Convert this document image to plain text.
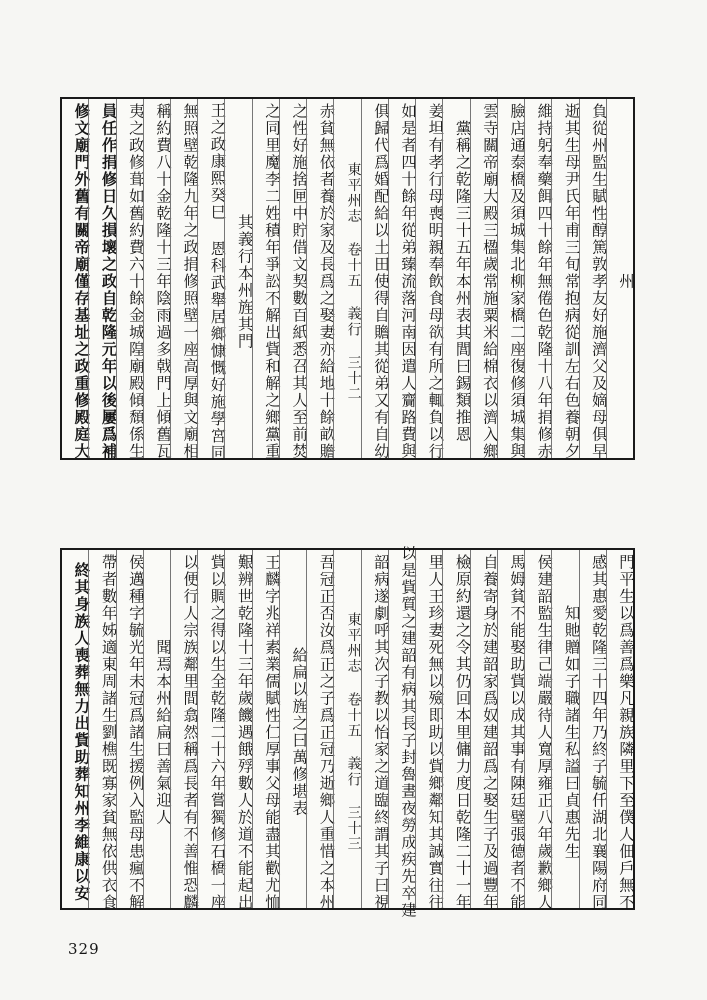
州
負從州監生賦性醇篤敦孝友好施濟父及嫡母俱早
逝其生母尹氏年甫三旬常抱病從訓左右色養朝夕
維持躬奉藥餌四十餘年無倦色乾隆十八年捐修赤
臉店通泰橋及須城集北柳家橋二座復修須城集與
雲寺關帝廟大殿三楹歲常施粟米給棉衣以濟入鄉
黨稱之乾隆三十五年本州表其閭曰錫類推恩
姜坦有孝行母喪明親奉飲食母欲有所之輒負以行
如是者四十餘年從弟臻流落河南因遣人齎路費與
俱歸代爲婚配給以土田使得自贍其從弟又有自幼
東平州志 卷十五 義行 三十二
赤貧無依者養於家及長爲之娶妻亦給地十餘畝贍
之性好施捨匣中貯借文契數百紙悉召其人至前焚
之同里魔李二姓積年爭訟不解出貲和解之鄉黨重
其義行本州旌其門
王之政康熙癸巳 恩科武舉居鄉慷慨好施學宮同
無照壁乾隆九年之政捐修照壁一座高厚與文廟相
稱約費八十金乾隆十三年陰雨過多戟門上傾舊瓦
夷之政修葺如舊約費六十餘金城隍廟殿傾頹係生
員任作捐修日久損壞之政自乾隆元年以後屢爲補
修文廟門外舊有關帝廟僅存基址之政重修殿庭大
門平生以爲善爲樂凡親族隣里下至僕人佃戶無不
感其惠愛乾隆三十四年乃終子毓仟湖北襄陽府同
知貤贈如子職諸生私謚曰貞惠先生
侯建韶監生律己端嚴待人寬厚雍正八年歲歉鄉人
馬姆貧不能娶助貲以成其事有陳廷璧張德者不能
自養寄身於建韶家爲奴建韶爲之娶生子及過豐年
檢原約還之令其仍回本里傭力度日乾隆二十一年
里人王珍妻死無以殮即助以貲鄉鄰知其誠實往往
以是貲質之建韶有病其長子封魯晝夜勞成疾先卒建
韶病遂劇呼其次子教以怡家之道臨終謂其子曰視
東平州志 卷十五 義行 三十三
吾冠正否汝爲正之子爲正冠乃逝鄉人重惜之本州
給扁以旌之曰萬修堪表
王麟字兆祥素業儒賦性仁厚事父母能盡其歡尤恤
艱辨世乾隆十三年歲饑遇餓殍數人於道不能起出
貲以賙之得以生全乾隆二十六年嘗獨修石橋一座
以便行人宗族鄰里間翕然稱爲長者有不善惟恐麟
聞焉本州給扁曰善氣迎人
侯邁種字毓光年未冠爲諸生援例入監母患瘋不解
帶者數年姊適東周諸生劉樵既寡家貧無依供衣食
終其身族人喪葬無力出貲助葬知州李維康以安
329
